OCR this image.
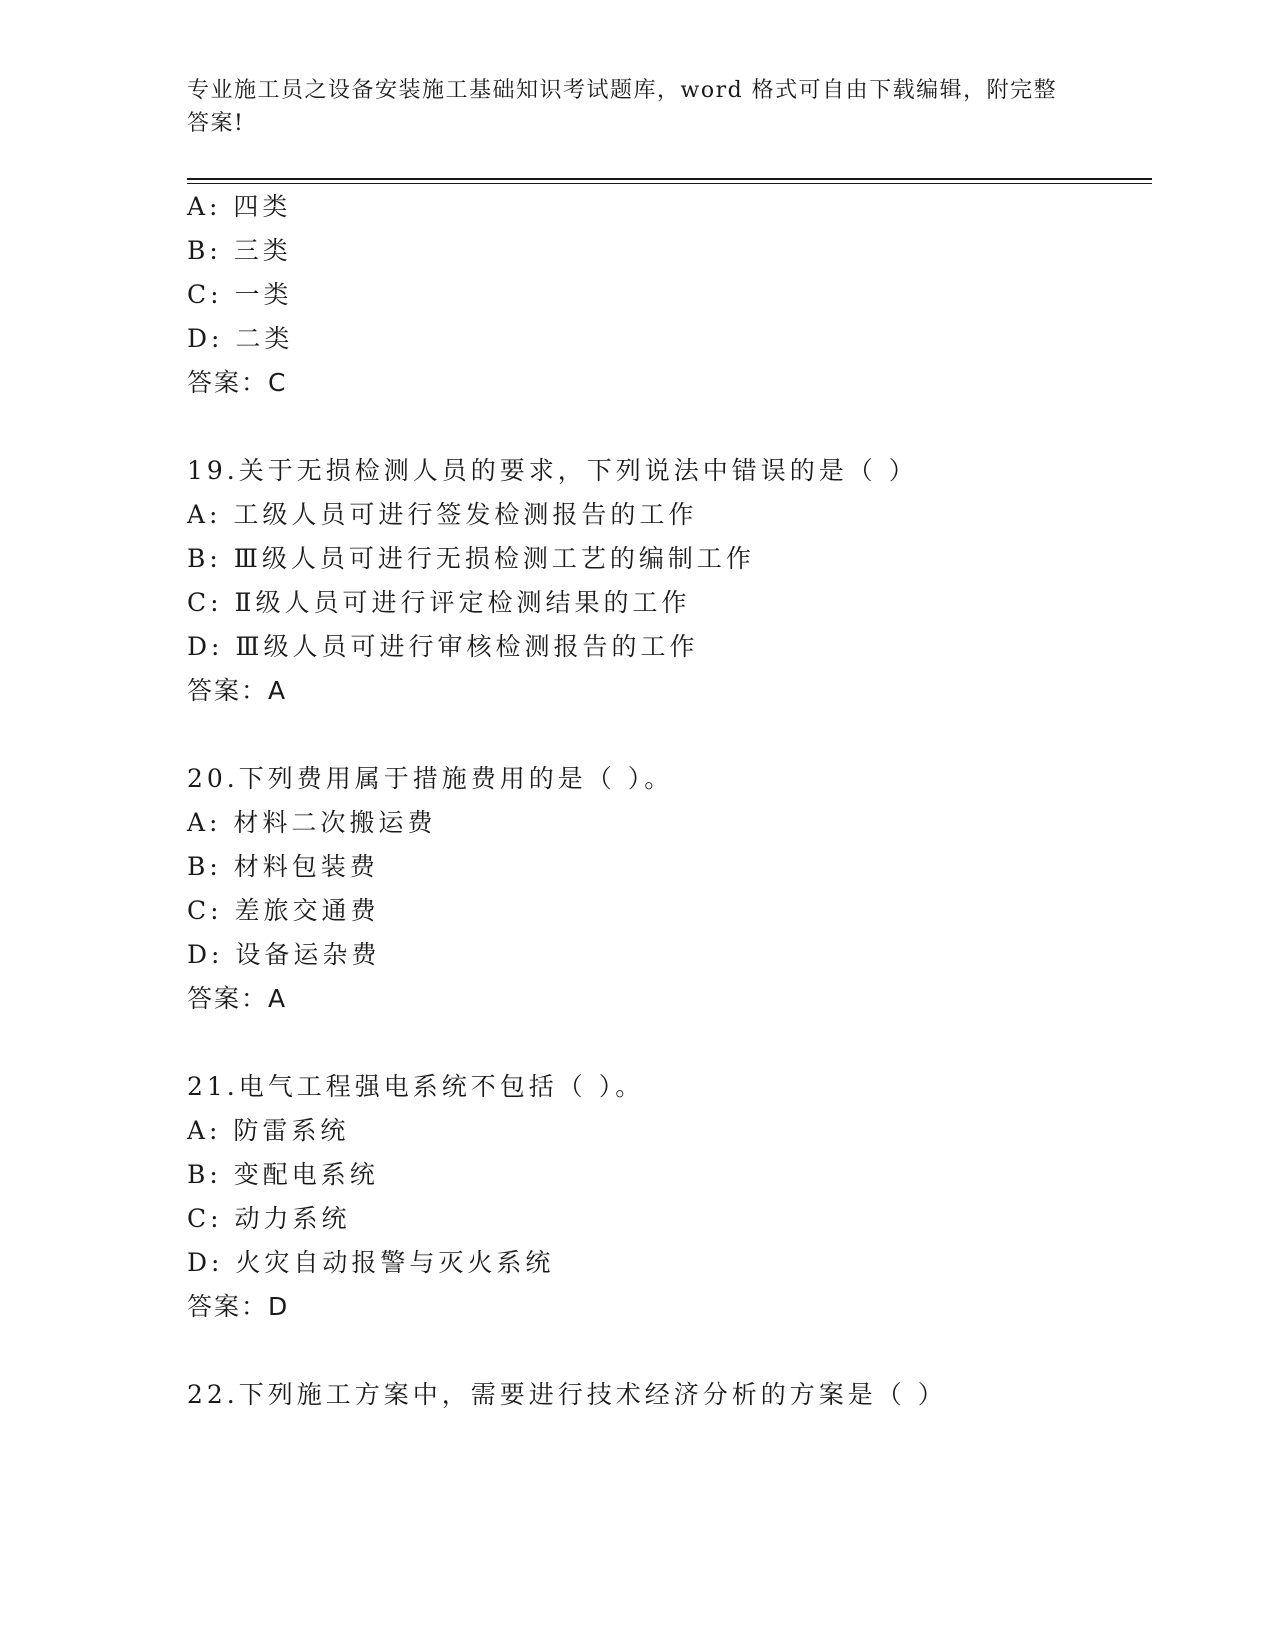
专业施工员之设备安装施工基础知识考试题库，word 格式可自由下载编辑，附完整答案!
A: 四类
B: 三类
C: 一类
D: 二类
答案：C
19.关于无损检测人员的要求，下列说法中错误的是（ ）
A: 工级人员可进行签发检测报告的工作
B: Ⅲ级人员可进行无损检测工艺的编制工作
C: Ⅱ级人员可进行评定检测结果的工作
D: Ⅲ级人员可进行审核检测报告的工作
答案：A
20.下列费用属于措施费用的是（ ）。
A: 材料二次搬运费
B: 材料包装费
C: 差旅交通费
D: 设备运杂费
答案：A
21.电气工程强电系统不包括（ ）。
A: 防雷系统
B: 变配电系统
C: 动力系统
D: 火灾自动报警与灭火系统
答案：D
22.下列施工方案中，需要进行技术经济分析的方案是（ ）
